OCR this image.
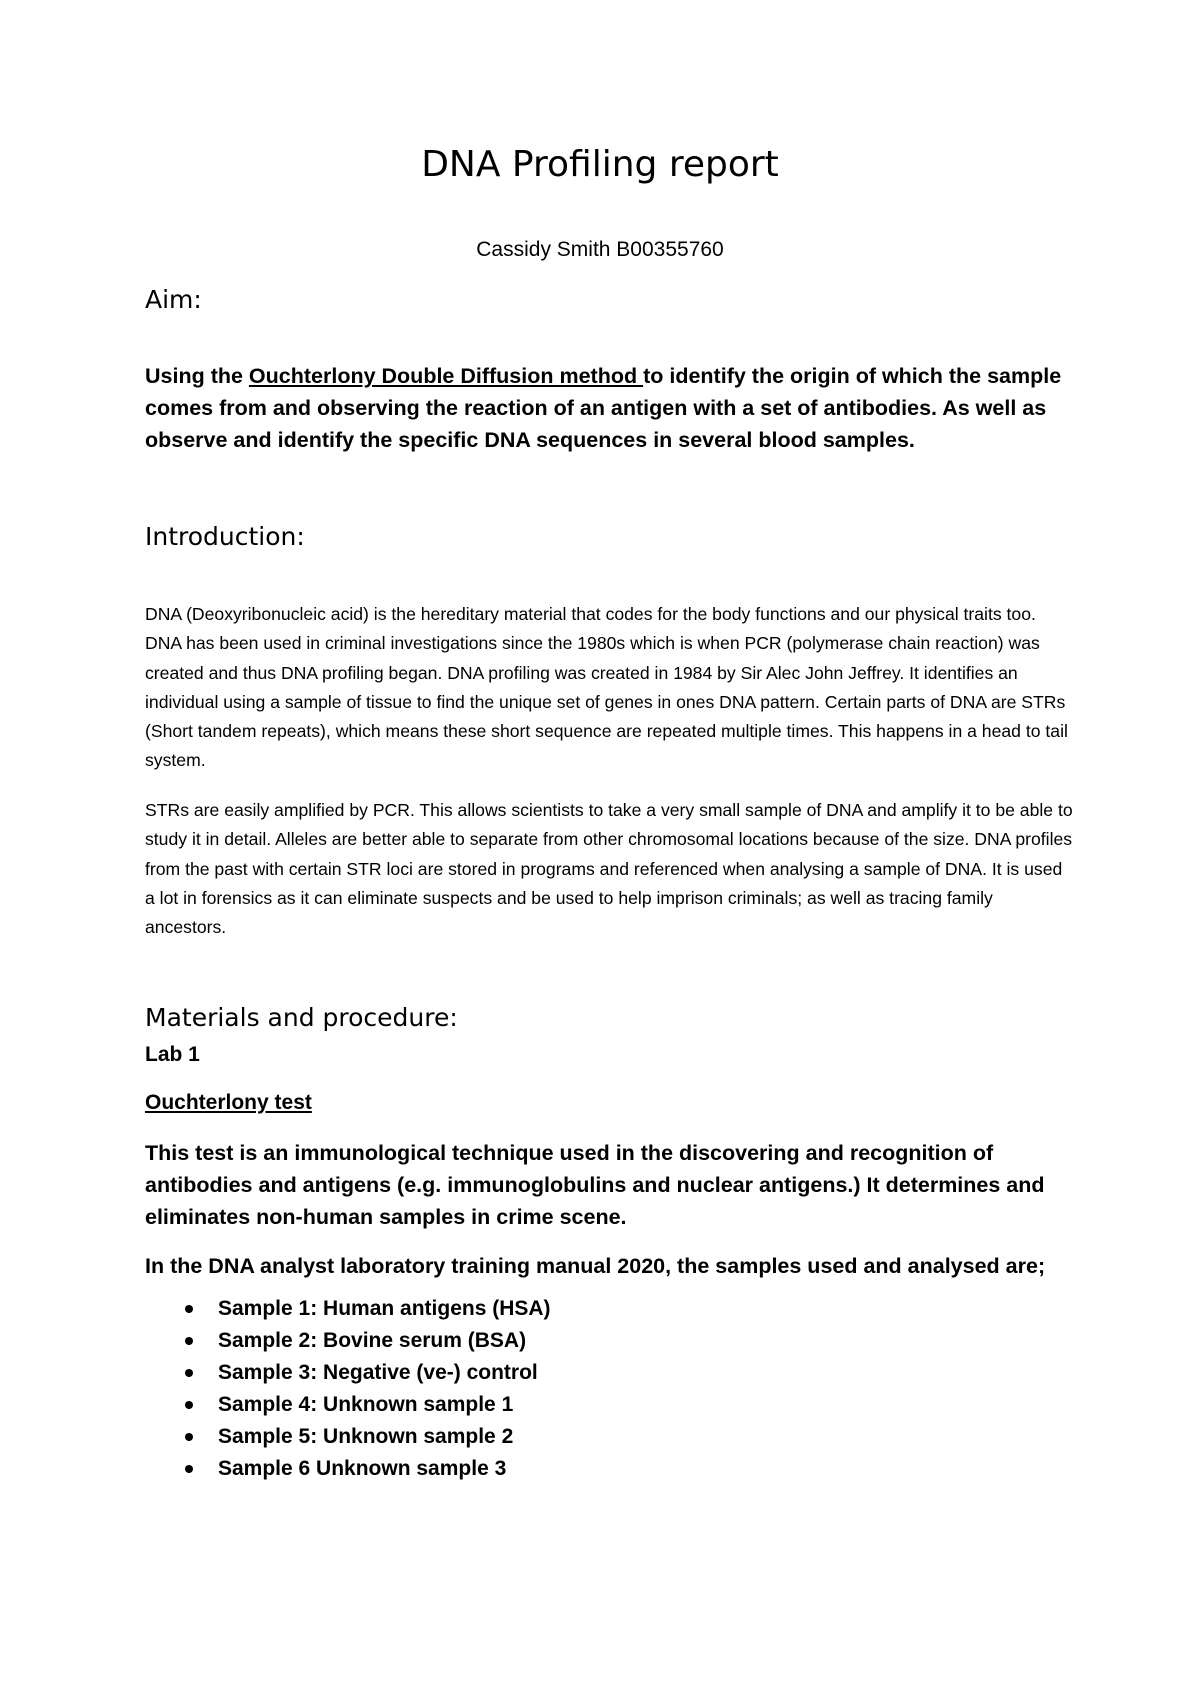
DNA Profiling report
Cassidy Smith B00355760
Aim:
Using the Ouchterlony Double Diffusion method to identify the origin of which the sample comes from and observing the reaction of an antigen with a set of antibodies. As well as observe and identify the specific DNA sequences in several blood samples.
Introduction:
DNA (Deoxyribonucleic acid) is the hereditary material that codes for the body functions and our physical traits too. DNA has been used in criminal investigations since the 1980s which is when PCR (polymerase chain reaction) was created and thus DNA profiling began. DNA profiling was created in 1984 by Sir Alec John Jeffrey. It identifies an individual using a sample of tissue to find the unique set of genes in ones DNA pattern. Certain parts of DNA are STRs (Short tandem repeats), which means these short sequence are repeated multiple times. This happens in a head to tail system.
STRs are easily amplified by PCR. This allows scientists to take a very small sample of DNA and amplify it to be able to study it in detail. Alleles are better able to separate from other chromosomal locations because of the size. DNA profiles from the past with certain STR loci are stored in programs and referenced when analysing a sample of DNA. It is used a lot in forensics as it can eliminate suspects and be used to help imprison criminals; as well as tracing family ancestors.
Materials and procedure:
Lab 1
Ouchterlony test
This test is an immunological technique used in the discovering and recognition of antibodies and antigens (e.g. immunoglobulins and nuclear antigens.) It determines and eliminates non-human samples in crime scene.
In the DNA analyst laboratory training manual 2020, the samples used and analysed are;
Sample 1: Human antigens (HSA)
Sample 2: Bovine serum (BSA)
Sample 3: Negative (ve-) control
Sample 4: Unknown sample 1
Sample 5: Unknown sample 2
Sample 6 Unknown sample 3
